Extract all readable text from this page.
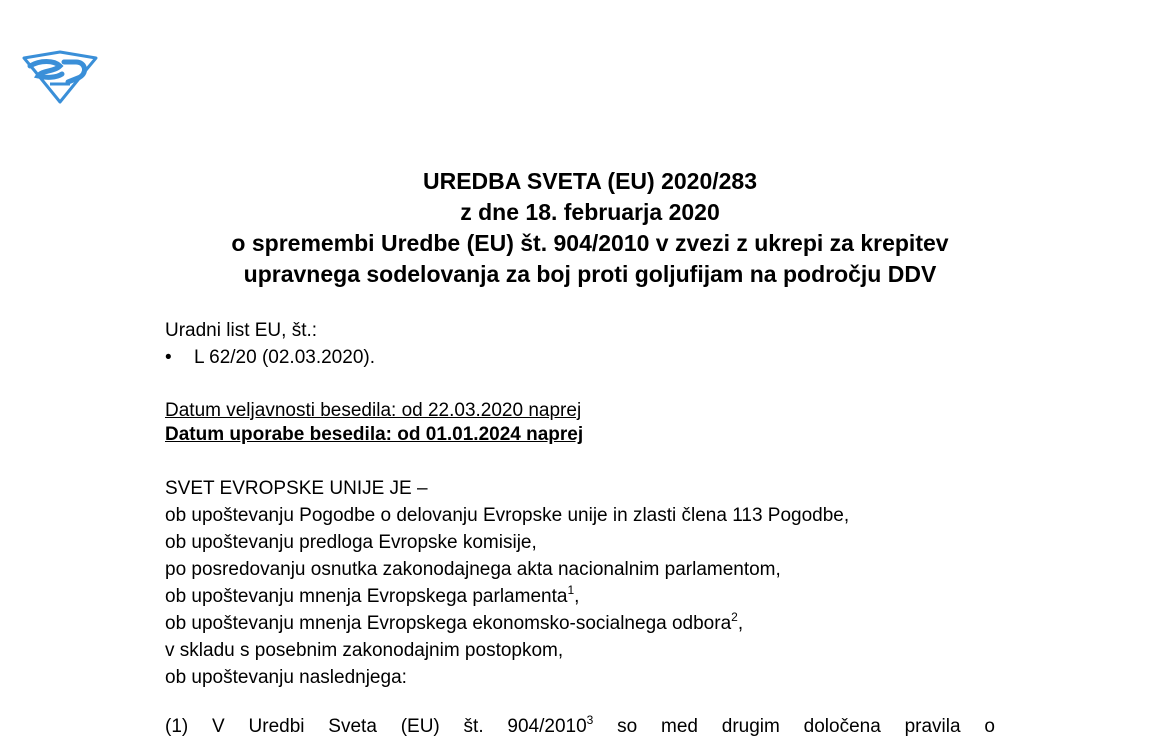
UREDBA SVETA (EU) 2020/283
z dne 18. februarja 2020
o spremembi Uredbe (EU) št. 904/2010 v zvezi z ukrepi za krepitev
upravnega sodelovanja za boj proti goljufijam na področju DDV
Uradni list EU, št.:
• L 62/20 (02.03.2020).
Datum veljavnosti besedila: od 22.03.2020 naprej
Datum uporabe besedila: od 01.01.2024 naprej
SVET EVROPSKE UNIJE JE –
ob upoštevanju Pogodbe o delovanju Evropske unije in zlasti člena 113 Pogodbe,
ob upoštevanju predloga Evropske komisije,
po posredovanju osnutka zakonodajnega akta nacionalnim parlamentom,
ob upoštevanju mnenja Evropskega parlamenta$^1$,
ob upoštevanju mnenja Evropskega ekonomsko-socialnega odbora$^2$,
v skladu s posebnim zakonodajnim postopkom,
ob upoštevanju naslednjega:
(1) V Uredbi Sveta (EU) št. 904/2010$^3$ so med drugim določena pravila o
